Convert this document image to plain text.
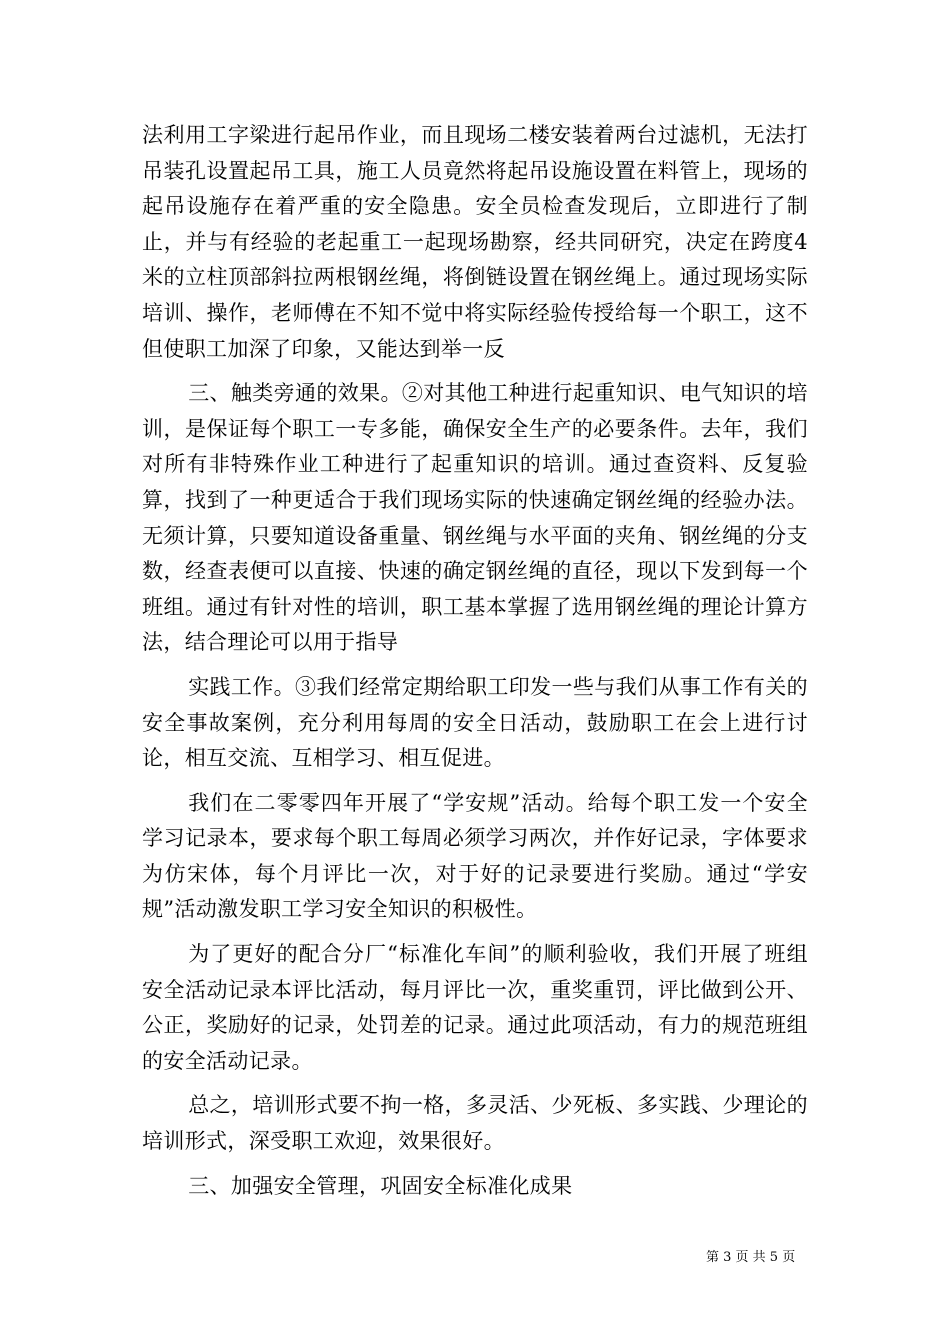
法利用工字梁进行起吊作业，而且现场二楼安装着两台过滤机，无法打吊装孔设置起吊工具，施工人员竟然将起吊设施设置在料管上，现场的起吊设施存在着严重的安全隐患。安全员检查发现后，立即进行了制止，并与有经验的老起重工一起现场勘察，经共同研究，决定在跨度4米的立柱顶部斜拉两根钢丝绳，将倒链设置在钢丝绳上。通过现场实际培训、操作，老师傅在不知不觉中将实际经验传授给每一个职工，这不但使职工加深了印象，又能达到举一反

三、触类旁通的效果。②对其他工种进行起重知识、电气知识的培训，是保证每个职工一专多能，确保安全生产的必要条件。去年，我们对所有非特殊作业工种进行了起重知识的培训。通过查资料、反复验算，找到了一种更适合于我们现场实际的快速确定钢丝绳的经验办法。无须计算，只要知道设备重量、钢丝绳与水平面的夹角、钢丝绳的分支数，经查表便可以直接、快速的确定钢丝绳的直径，现以下发到每一个班组。通过有针对性的培训，职工基本掌握了选用钢丝绳的理论计算方法，结合理论可以用于指导

实践工作。③我们经常定期给职工印发一些与我们从事工作有关的安全事故案例，充分利用每周的安全日活动，鼓励职工在会上进行讨论，相互交流、互相学习、相互促进。

我们在二零零四年开展了“学安规”活动。给每个职工发一个安全学习记录本，要求每个职工每周必须学习两次，并作好记录，字体要求为仿宋体，每个月评比一次，对于好的记录要进行奖励。通过“学安规”活动激发职工学习安全知识的积极性。

为了更好的配合分厂“标准化车间”的顺利验收，我们开展了班组安全活动记录本评比活动，每月评比一次，重奖重罚，评比做到公开、公正，奖励好的记录，处罚差的记录。通过此项活动，有力的规范班组的安全活动记录。

总之，培训形式要不拘一格，多灵活、少死板、多实践、少理论的培训形式，深受职工欢迎，效果很好。

三、加强安全管理，巩固安全标准化成果

第 3 页 共 5 页
